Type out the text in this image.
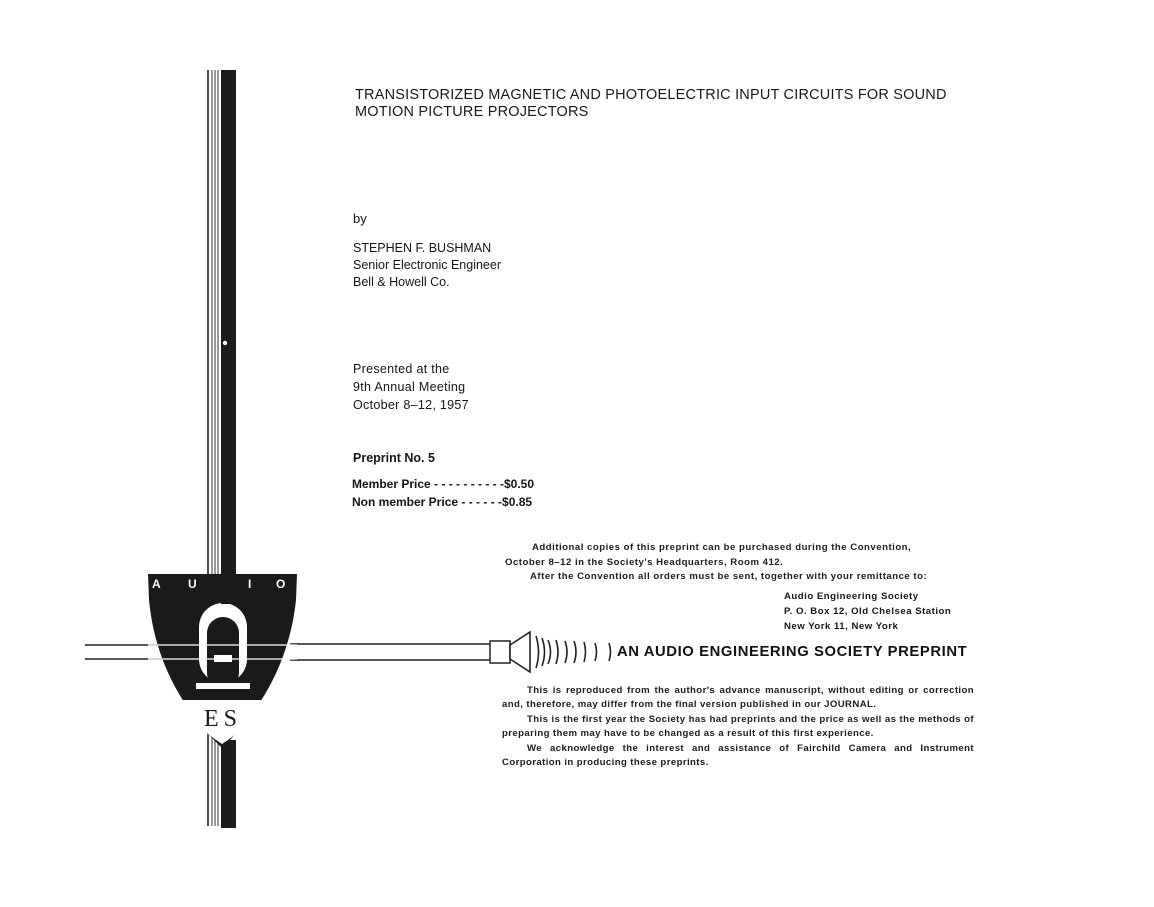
A U D I O
ES
TRANSISTORIZED MAGNETIC AND PHOTOELECTRIC INPUT CIRCUITS FOR SOUND
MOTION PICTURE PROJECTORS
by
STEPHEN F. BUSHMAN
Senior Electronic Engineer
Bell & Howell Co.
Presented at the
9th Annual Meeting
October 8–12, 1957
Preprint No. 5
Member Price - - - - - - - - - -$0.50
Non member Price - - - - - -$0.85
Additional copies of this preprint can be purchased during the Convention,
October 8–12 in the Society's Headquarters, Room 412.
After the Convention all orders must be sent, together with your remittance to:
Audio Engineering Society
P. O. Box 12, Old Chelsea Station
New York 11, New York
AN AUDIO ENGINEERING SOCIETY PREPRINT

This is reproduced from the author's advance manuscript, without editing or correction and, therefore, may differ from the final version published in our JOURNAL.

This is the first year the Society has had preprints and the price as well as the methods of preparing them may have to be changed as a result of this first experience.

We acknowledge the interest and assistance of Fairchild Camera and Instrument Corporation in producing these preprints.
